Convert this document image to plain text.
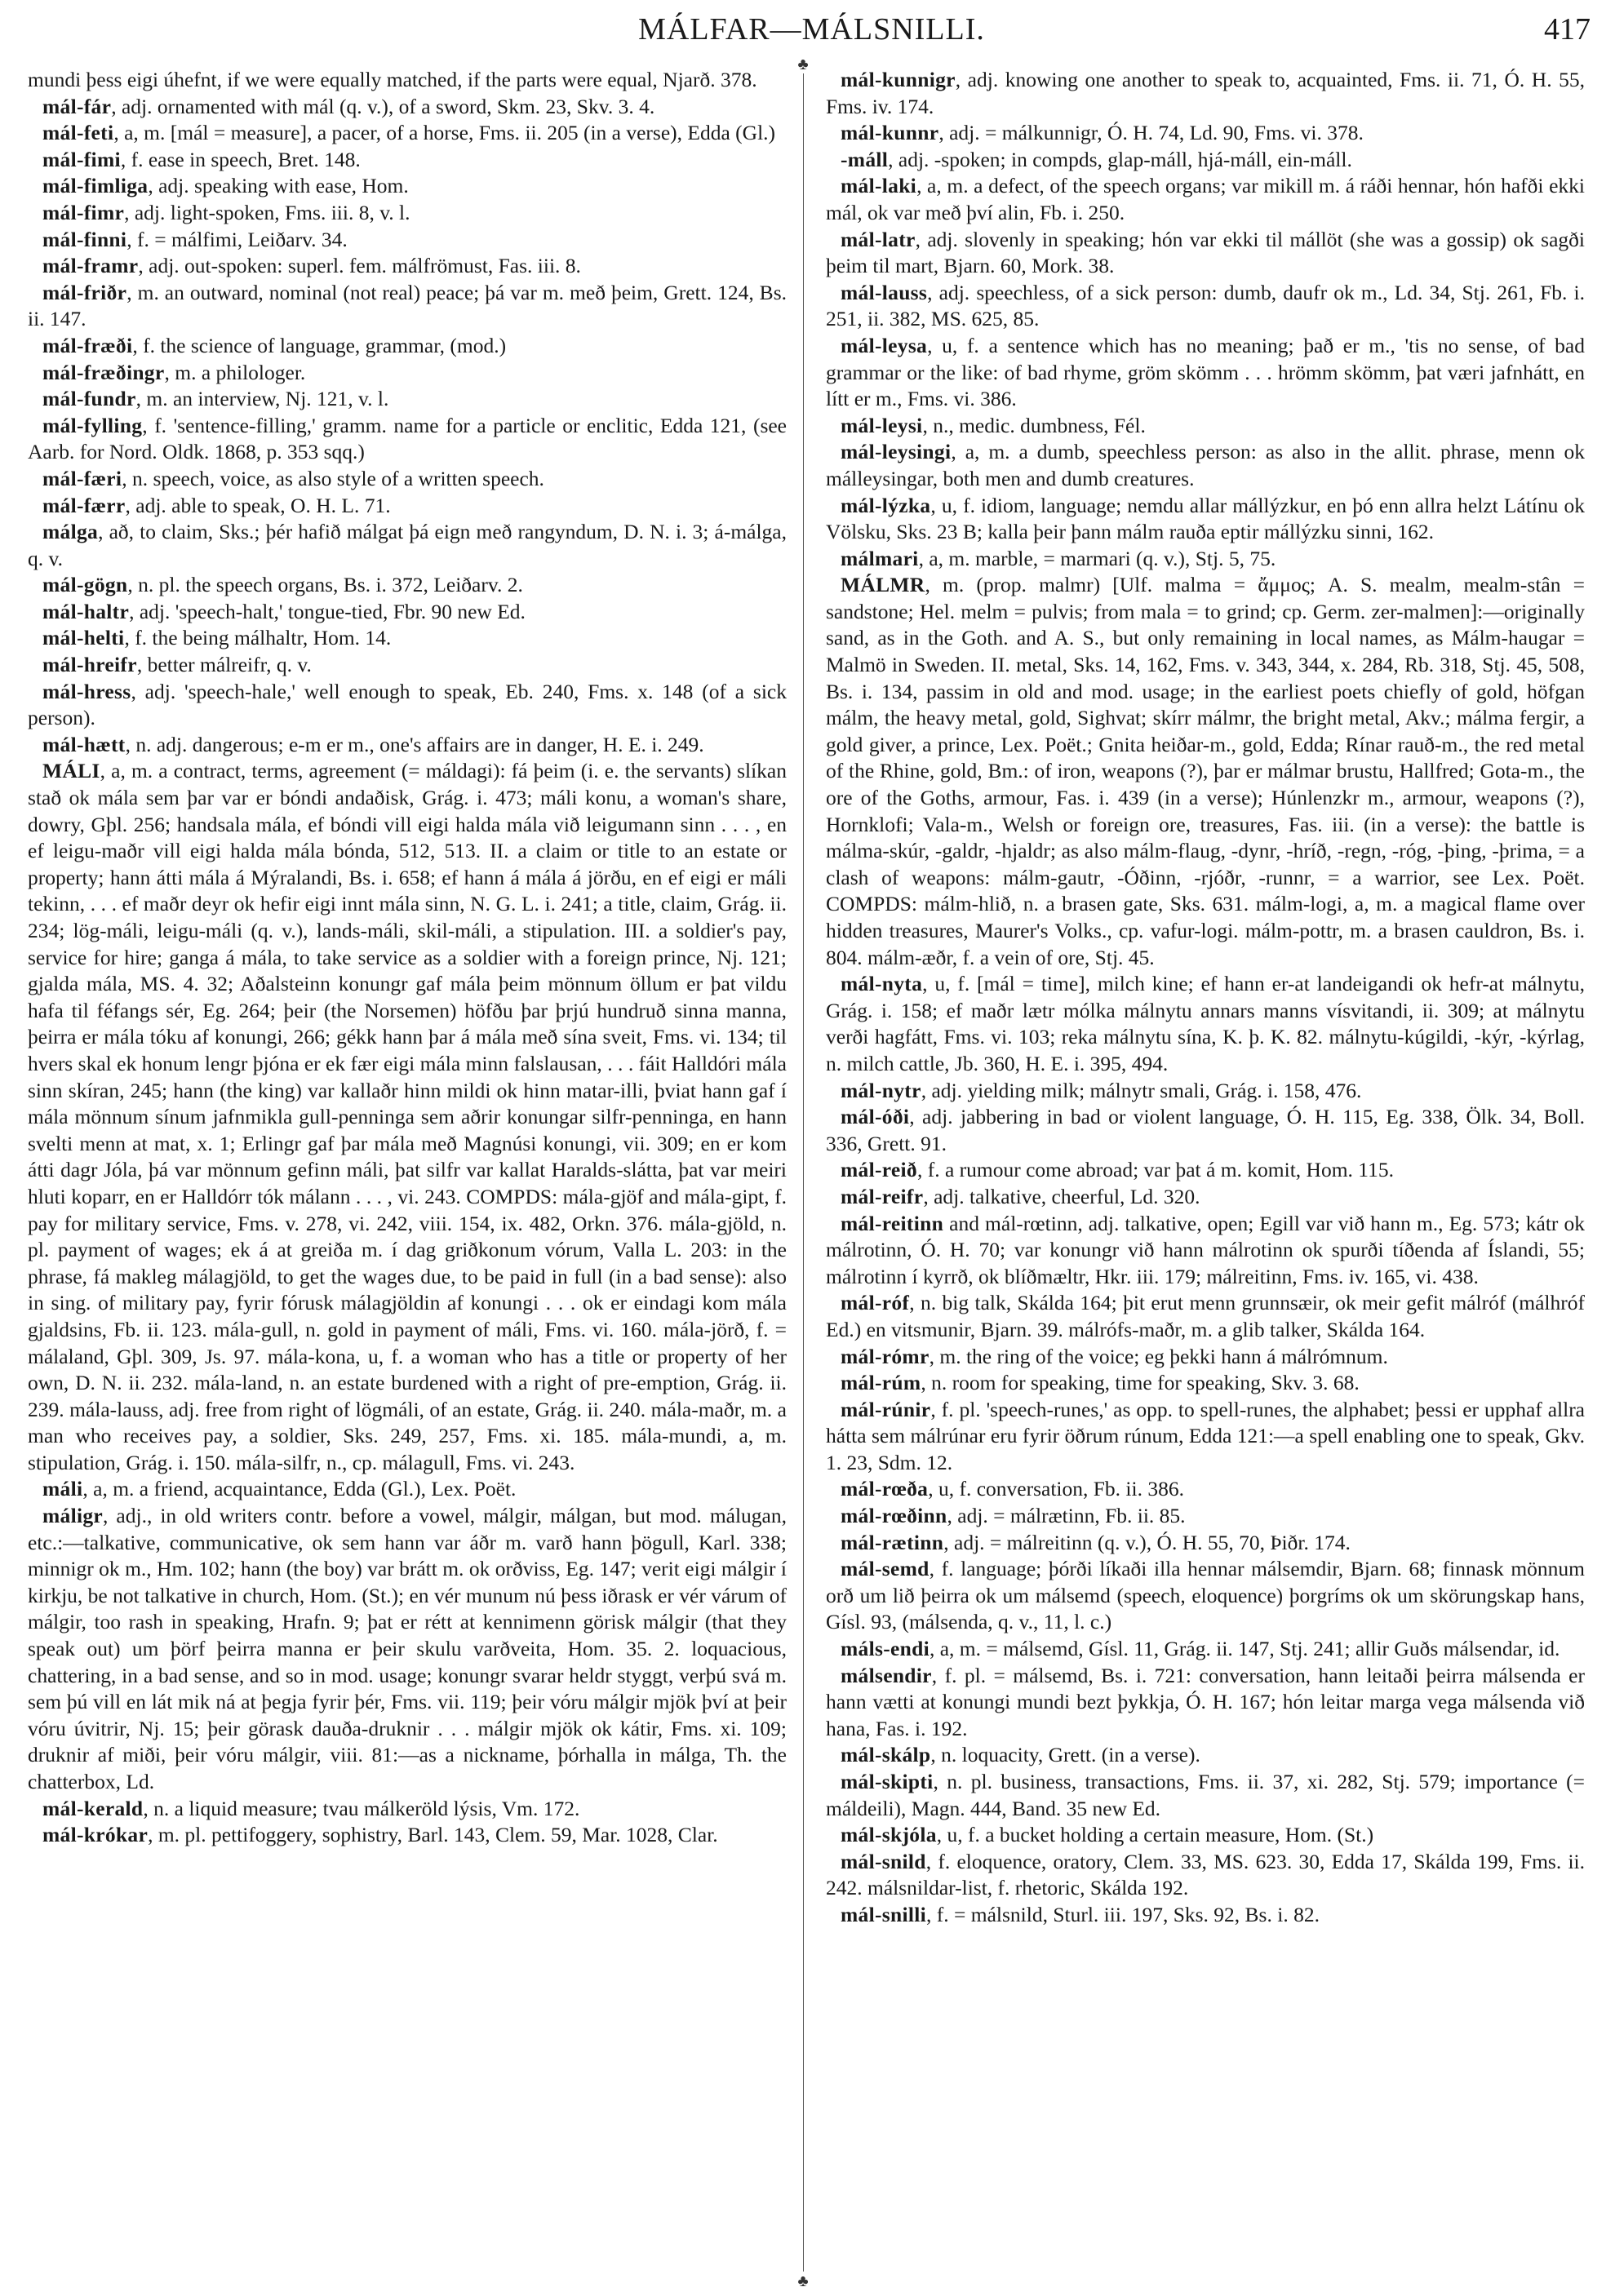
MÁLFAR—MÁLSNILLI.	417

mundi þess eigi úhefnt, if we were equally matched, if the parts were equal, Njarð. 378.

mál-fár, adj. ornamented with mál (q. v.), of a sword, Skm. 23, Skv. 3. 4.

mál-feti, a, m. [mál = measure], a pacer, of a horse, Fms. ii. 205 (in a verse), Edda (Gl.)

mál-fimi, f. ease in speech, Bret. 148.

mál-fimliga, adj. speaking with ease, Hom.

mál-fimr, adj. light-spoken, Fms. iii. 8, v. l.

mál-finni, f. = málfimi, Leiðarv. 34.

mál-framr, adj. out-spoken: superl. fem. málfrömust, Fas. iii. 8.

mál-friðr, m. an outward, nominal (not real) peace; þá var m. með þeim, Grett. 124, Bs. ii. 147.

mál-fræði, f. the science of language, grammar, (mod.)

mál-fræðingr, m. a philologer.

mál-fundr, m. an interview, Nj. 121, v. l.

mál-fylling, f. 'sentence-filling,' gramm. name for a particle or enclitic, Edda 121, (see Aarb. for Nord. Oldk. 1868, p. 353 sqq.)

mál-færi, n. speech, voice, as also style of a written speech.

mál-færr, adj. able to speak, O. H. L. 71.

málga, að, to claim, Sks.; þér hafið málgat þá eign með rangyndum, D. N. i. 3; á-málga, q. v.

mál-gögn, n. pl. the speech organs, Bs. i. 372, Leiðarv. 2.

mál-haltr, adj. 'speech-halt,' tongue-tied, Fbr. 90 new Ed.

mál-helti, f. the being málhaltr, Hom. 14.

mál-hreifr, better málreifr, q. v.

mál-hress, adj. 'speech-hale,' well enough to speak, Eb. 240, Fms. x. 148 (of a sick person).

mál-hætt, n. adj. dangerous; e-m er m., one's affairs are in danger, H. E. i. 249.

MÁLI, a, m. a contract, terms, agreement (= máldagi): fá þeim (i. e. the servants) slíkan stað ok mála sem þar var er bóndi andaðisk, Grág. i. 473; máli konu, a woman's share, dowry, Gþl. 256; handsala mála, ef bóndi vill eigi halda mála við leigumann sinn . . . , en ef leigu-maðr vill eigi halda mála bónda, 512, 513. II. a claim or title to an estate or property; hann átti mála á Mýralandi, Bs. i. 658; ef hann á mála á jörðu, en ef eigi er máli tekinn, . . . ef maðr deyr ok hefir eigi innt mála sinn, N. G. L. i. 241; a title, claim, Grág. ii. 234; lög-máli, leigu-máli (q. v.), lands-máli, skil-máli, a stipulation. III. a soldier's pay, service for hire; ganga á mála, to take service as a soldier with a foreign prince, Nj. 121; gjalda mála, MS. 4. 32; Aðalsteinn konungr gaf mála þeim mönnum öllum er þat vildu hafa til féfangs sér, Eg. 264; þeir (the Norsemen) höfðu þar þrjú hundruð sinna manna, þeirra er mála tóku af konungi, 266; gékk hann þar á mála með sína sveit, Fms. vi. 134; til hvers skal ek honum lengr þjóna er ek fær eigi mála minn falslausan, . . . fáit Halldóri mála sinn skíran, 245; hann (the king) var kallaðr hinn mildi ok hinn matar-illi, þviat hann gaf í mála mönnum sínum jafnmikla gull-penninga sem aðrir konungar silfr-penninga, en hann svelti menn at mat, x. 1; Erlingr gaf þar mála með Magnúsi konungi, vii. 309; en er kom átti dagr Jóla, þá var mönnum gefinn máli, þat silfr var kallat Haralds-slátta, þat var meiri hluti koparr, en er Halldórr tók málann . . . , vi. 243. COMPDS: mála-gjöf and mála-gipt, f. pay for military service, Fms. v. 278, vi. 242, viii. 154, ix. 482, Orkn. 376. mála-gjöld, n. pl. payment of wages; ek á at greiða m. í dag griðkonum vórum, Valla L. 203: in the phrase, fá makleg málagjöld, to get the wages due, to be paid in full (in a bad sense): also in sing. of military pay, fyrir fórusk málagjöldin af konungi . . . ok er eindagi kom mála gjaldsins, Fb. ii. 123. mála-gull, n. gold in payment of máli, Fms. vi. 160. mála-jörð, f. = málaland, Gþl. 309, Js. 97. mála-kona, u, f. a woman who has a title or property of her own, D. N. ii. 232. mála-land, n. an estate burdened with a right of pre-emption, Grág. ii. 239. mála-lauss, adj. free from right of lögmáli, of an estate, Grág. ii. 240. mála-maðr, m. a man who receives pay, a soldier, Sks. 249, 257, Fms. xi. 185. mála-mundi, a, m. stipulation, Grág. i. 150. mála-silfr, n., cp. málagull, Fms. vi. 243.

máli, a, m. a friend, acquaintance, Edda (Gl.), Lex. Poët.

máligr, adj., in old writers contr. before a vowel, málgir, málgan, but mod. málugan, etc.:—talkative, communicative, ok sem hann var áðr m. varð hann þögull, Karl. 338; minnigr ok m., Hm. 102; hann (the boy) var brátt m. ok orðviss, Eg. 147; verit eigi málgir í kirkju, be not talkative in church, Hom. (St.); en vér munum nú þess iðrask er vér várum of málgir, too rash in speaking, Hrafn. 9; þat er rétt at kennimenn görisk málgir (that they speak out) um þörf þeirra manna er þeir skulu varðveita, Hom. 35. 2. loquacious, chattering, in a bad sense, and so in mod. usage; konungr svarar heldr styggt, verþú svá m. sem þú vill en lát mik ná at þegja fyrir þér, Fms. vii. 119; þeir vóru málgir mjök því at þeir vóru úvitrir, Nj. 15; þeir görask dauða-druknir . . . málgir mjök ok kátir, Fms. xi. 109; druknir af miði, þeir vóru málgir, viii. 81:—as a nickname, þórhalla in málga, Th. the chatterbox, Ld.

mál-kerald, n. a liquid measure; tvau málkeröld lýsis, Vm. 172.

mál-krókar, m. pl. pettifoggery, sophistry, Barl. 143, Clem. 59, Mar. 1028, Clar.

♣
♣

mál-kunnigr, adj. knowing one another to speak to, acquainted, Fms. ii. 71, Ó. H. 55, Fms. iv. 174.

mál-kunnr, adj. = málkunnigr, Ó. H. 74, Ld. 90, Fms. vi. 378.

-máll, adj. -spoken; in compds, glap-máll, hjá-máll, ein-máll.

mál-laki, a, m. a defect, of the speech organs; var mikill m. á ráði hennar, hón hafði ekki mál, ok var með því alin, Fb. i. 250.

mál-latr, adj. slovenly in speaking; hón var ekki til mállöt (she was a gossip) ok sagði þeim til mart, Bjarn. 60, Mork. 38.

mál-lauss, adj. speechless, of a sick person: dumb, daufr ok m., Ld. 34, Stj. 261, Fb. i. 251, ii. 382, MS. 625, 85.

mál-leysa, u, f. a sentence which has no meaning; það er m., 'tis no sense, of bad grammar or the like: of bad rhyme, gröm skömm . . . hrömm skömm, þat væri jafnhátt, en lítt er m., Fms. vi. 386.

mál-leysi, n., medic. dumbness, Fél.

mál-leysingi, a, m. a dumb, speechless person: as also in the allit. phrase, menn ok málleysingar, both men and dumb creatures.

mál-lýzka, u, f. idiom, language; nemdu allar mállýzkur, en þó enn allra helzt Látínu ok Völsku, Sks. 23 B; kalla þeir þann málm rauða eptir mállýzku sinni, 162.

málmari, a, m. marble, = marmari (q. v.), Stj. 5, 75.

MÁLMR, m. (prop. malmr) [Ulf. malma = ἄμμος; A. S. mealm, mealm-stân = sandstone; Hel. melm = pulvis; from mala = to grind; cp. Germ. zer-malmen]:—originally sand, as in the Goth. and A. S., but only remaining in local names, as Málm-haugar = Malmö in Sweden. II. metal, Sks. 14, 162, Fms. v. 343, 344, x. 284, Rb. 318, Stj. 45, 508, Bs. i. 134, passim in old and mod. usage; in the earliest poets chiefly of gold, höfgan málm, the heavy metal, gold, Sighvat; skírr málmr, the bright metal, Akv.; málma fergir, a gold giver, a prince, Lex. Poët.; Gnita heiðar-m., gold, Edda; Rínar rauð-m., the red metal of the Rhine, gold, Bm.: of iron, weapons (?), þar er málmar brustu, Hallfred; Gota-m., the ore of the Goths, armour, Fas. i. 439 (in a verse); Húnlenzkr m., armour, weapons (?), Hornklofi; Vala-m., Welsh or foreign ore, treasures, Fas. iii. (in a verse): the battle is málma-skúr, -galdr, -hjaldr; as also málm-flaug, -dynr, -hríð, -regn, -róg, -þing, -þrima, = a clash of weapons: málm-gautr, -Óðinn, -rjóðr, -runnr, = a warrior, see Lex. Poët. COMPDS: málm-hlið, n. a brasen gate, Sks. 631. málm-logi, a, m. a magical flame over hidden treasures, Maurer's Volks., cp. vafur-logi. málm-pottr, m. a brasen cauldron, Bs. i. 804. málm-æðr, f. a vein of ore, Stj. 45.

mál-nyta, u, f. [mál = time], milch kine; ef hann er-at landeigandi ok hefr-at málnytu, Grág. i. 158; ef maðr lætr mólka málnytu annars manns vísvitandi, ii. 309; at málnytu verði hagfátt, Fms. vi. 103; reka málnytu sína, K. þ. K. 82. málnytu-kúgildi, -kýr, -kýrlag, n. milch cattle, Jb. 360, H. E. i. 395, 494.

mál-nytr, adj. yielding milk; málnytr smali, Grág. i. 158, 476.

mál-óði, adj. jabbering in bad or violent language, Ó. H. 115, Eg. 338, Ölk. 34, Boll. 336, Grett. 91.

mál-reið, f. a rumour come abroad; var þat á m. komit, Hom. 115.

mál-reifr, adj. talkative, cheerful, Ld. 320.

mál-reitinn and mál-rœtinn, adj. talkative, open; Egill var við hann m., Eg. 573; kátr ok málrotinn, Ó. H. 70; var konungr við hann málrotinn ok spurði tíðenda af Íslandi, 55; málrotinn í kyrrð, ok blíðmæltr, Hkr. iii. 179; málreitinn, Fms. iv. 165, vi. 438.

mál-róf, n. big talk, Skálda 164; þit erut menn grunnsæir, ok meir gefit málróf (málhróf Ed.) en vitsmunir, Bjarn. 39. málrófs-maðr, m. a glib talker, Skálda 164.

mál-rómr, m. the ring of the voice; eg þekki hann á málrómnum.

mál-rúm, n. room for speaking, time for speaking, Skv. 3. 68.

mál-rúnir, f. pl. 'speech-runes,' as opp. to spell-runes, the alphabet; þessi er upphaf allra hátta sem málrúnar eru fyrir öðrum rúnum, Edda 121:—a spell enabling one to speak, Gkv. 1. 23, Sdm. 12.

mál-rœða, u, f. conversation, Fb. ii. 386.

mál-rœðinn, adj. = málrætinn, Fb. ii. 85.

mál-rætinn, adj. = málreitinn (q. v.), Ó. H. 55, 70, Þiðr. 174.

mál-semd, f. language; þórði líkaði illa hennar málsemdir, Bjarn. 68; finnask mönnum orð um lið þeirra ok um málsemd (speech, eloquence) þorgríms ok um skörungskap hans, Gísl. 93, (málsenda, q. v., 11, l. c.)

máls-endi, a, m. = málsemd, Gísl. 11, Grág. ii. 147, Stj. 241; allir Guðs málsendar, id.

málsendir, f. pl. = málsemd, Bs. i. 721: conversation, hann leitaði þeirra málsenda er hann vætti at konungi mundi bezt þykkja, Ó. H. 167; hón leitar marga vega málsenda við hana, Fas. i. 192.

mál-skálp, n. loquacity, Grett. (in a verse).

mál-skipti, n. pl. business, transactions, Fms. ii. 37, xi. 282, Stj. 579; importance (= máldeili), Magn. 444, Band. 35 new Ed.

mál-skjóla, u, f. a bucket holding a certain measure, Hom. (St.)

mál-snild, f. eloquence, oratory, Clem. 33, MS. 623. 30, Edda 17, Skálda 199, Fms. ii. 242. málsnildar-list, f. rhetoric, Skálda 192.

mál-snilli, f. = málsnild, Sturl. iii. 197, Sks. 92, Bs. i. 82.
